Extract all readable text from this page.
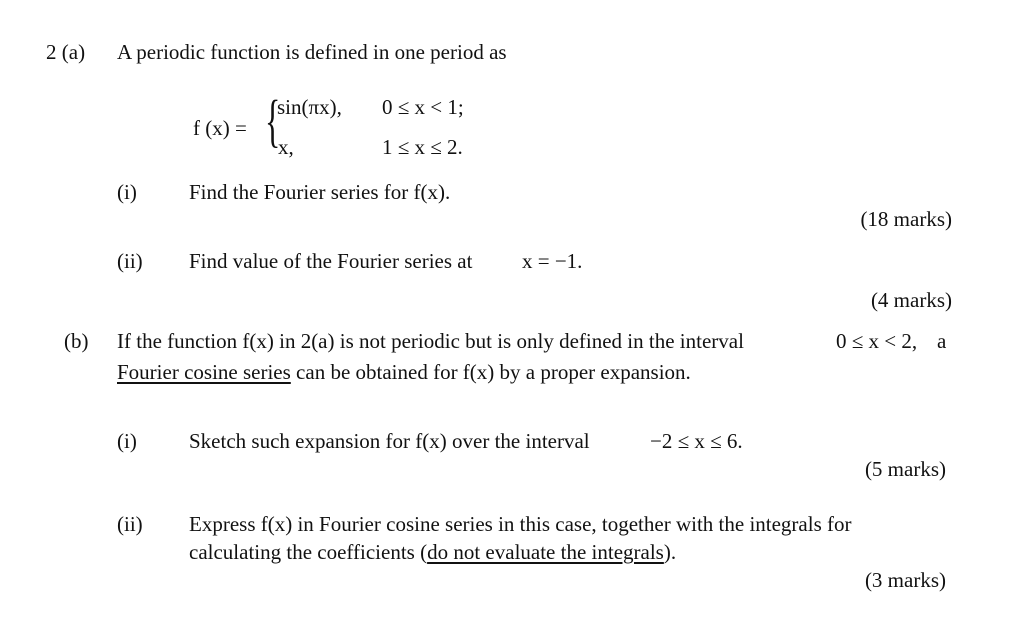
2 (a) A periodic function is defined in one period as
f (x) = {
sin(πx), 0 ≤ x < 1;
x,	1 ≤ x ≤ 2.
(i) Find the Fourier series for f(x).
(18 marks)
(ii) Find value of the Fourier series at x = −1.
(4 marks)
(b) If the function f(x) in 2(a) is not periodic but is only defined in the interval	0 ≤ x < 2, a
Fourier cosine series can be obtained for f(x) by a proper expansion.
(i) Sketch such expansion for f(x) over the interval	−2 ≤ x ≤ 6.
(5 marks)
(ii) Express f(x) in Fourier cosine series in this case, together with the integrals for
calculating the coefficients (do not evaluate the integrals).
(3 marks)
